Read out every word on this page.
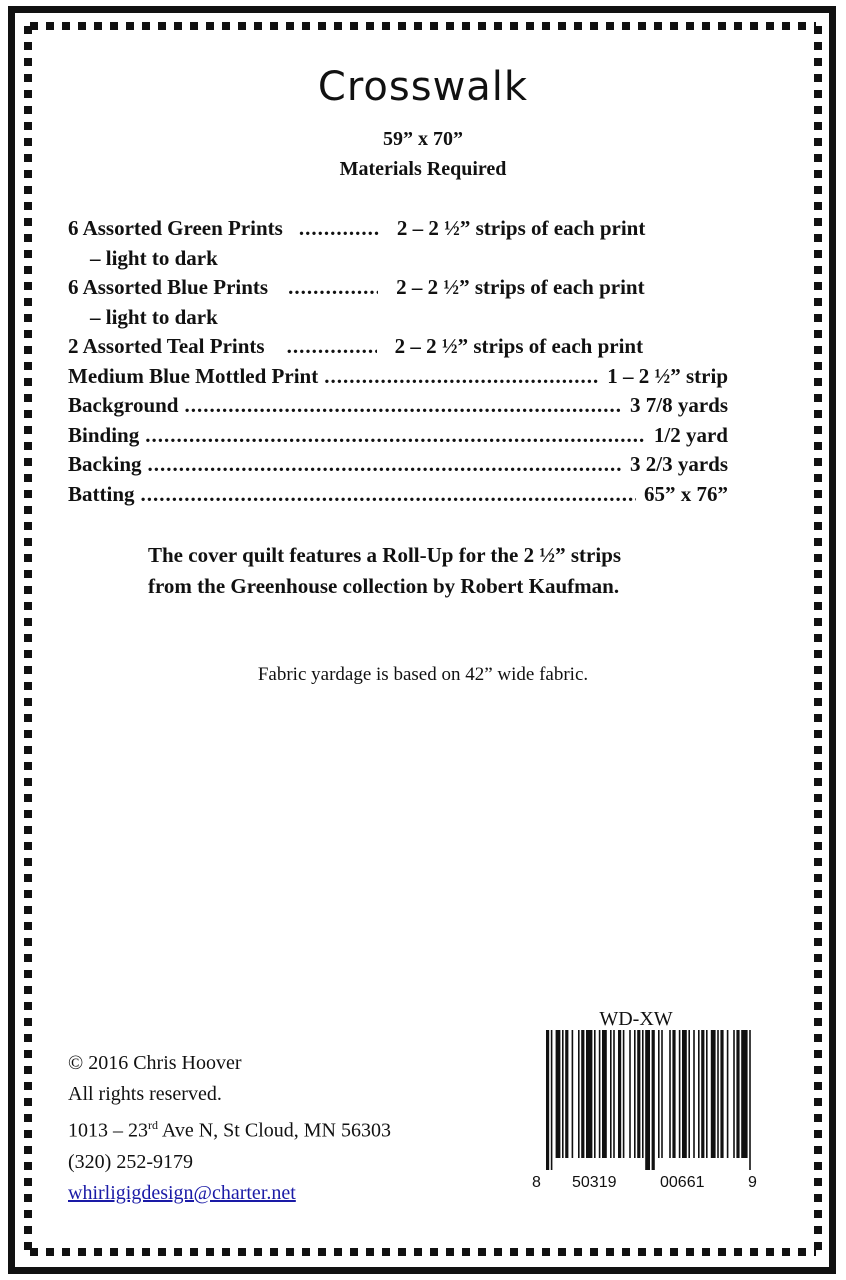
Crosswalk
59” x 70”
Materials Required
6 Assorted Green Prints .....	2 – 2 ½” strips of each print
– light to dark
6 Assorted Blue Prints .....	2 – 2 ½” strips of each print
– light to dark
2 Assorted Teal Prints .....	2 – 2 ½” strips of each print
Medium Blue Mottled Print .....	1 – 2 ½” strip
Background .....	3 7/8 yards
Binding .....	1/2 yard
Backing .....	3 2/3 yards
Batting .....	65” x 76”
The cover quilt features a Roll-Up for the 2 ½” strips
from the Greenhouse collection by Robert Kaufman.
Fabric yardage is based on 42” wide fabric.
© 2016 Chris Hoover
All rights reserved.
1013 – 23rd Ave N, St Cloud, MN 56303
(320) 252-9179
whirligigdesign@charter.net
WD-XW
8 50319	00661	9
